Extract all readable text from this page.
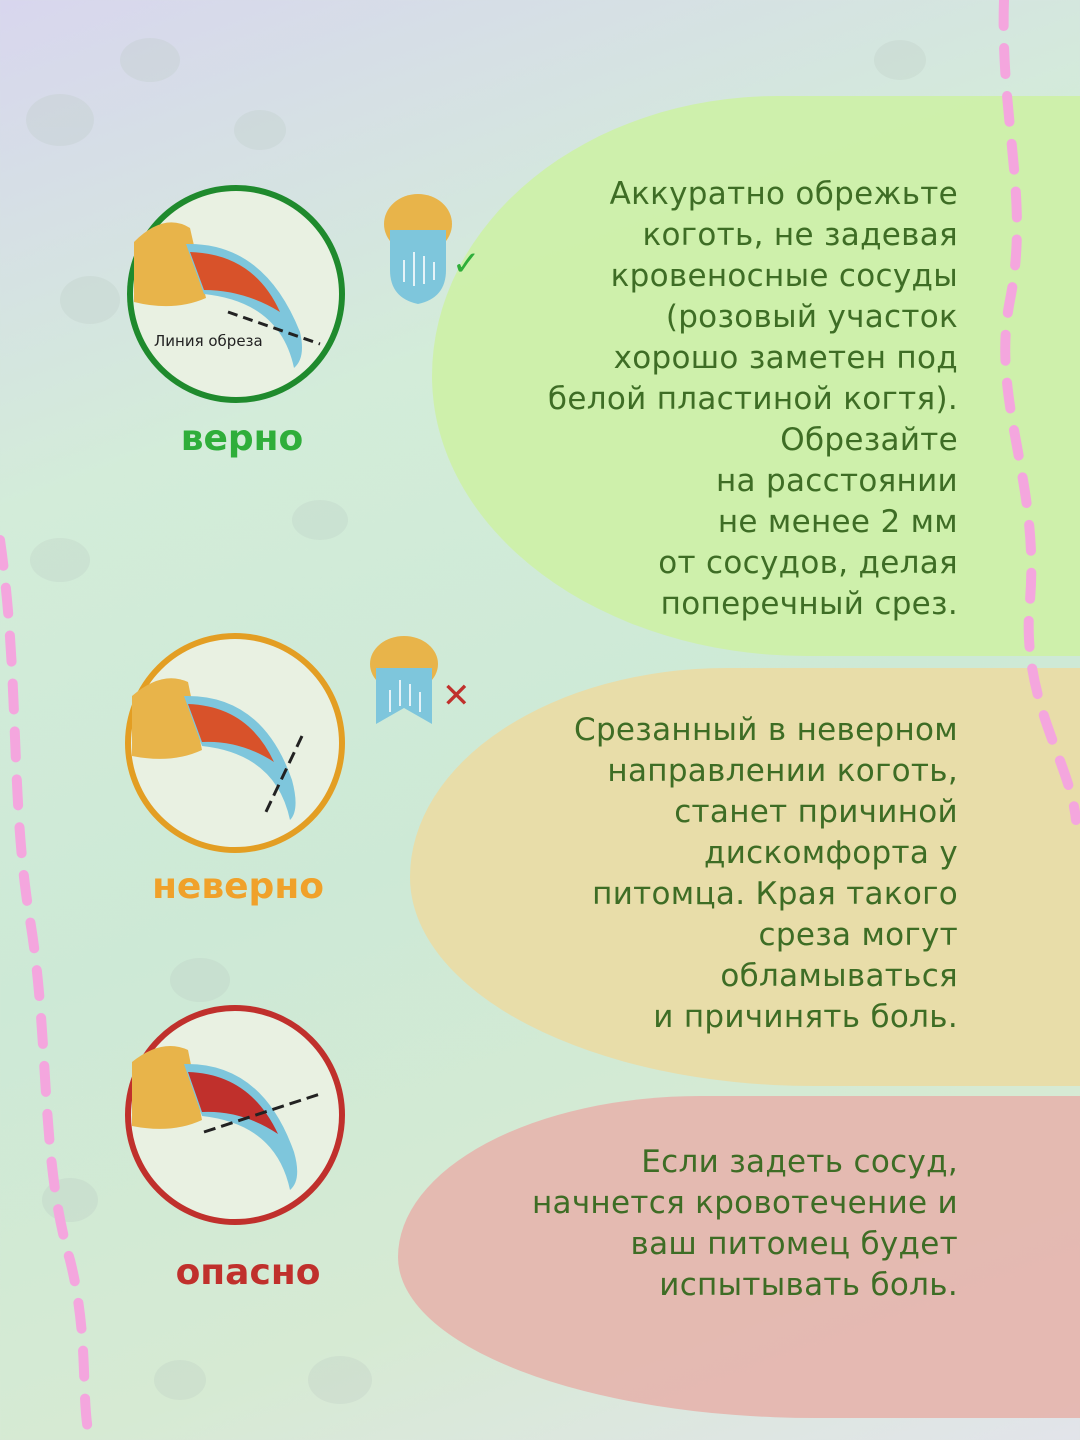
Линия обреза
верно
✓
Аккуратно обрежьте
коготь, не задевая
кровеносные сосуды
(розовый участок
хорошо заметен под
белой пластиной когтя).
Обрезайте
на расстоянии
не менее 2 мм
от сосудов, делая
поперечный срез.
неверно
✕
Срезанный в неверном
направлении коготь,
станет причиной
дискомфорта у
питомца. Края такого
среза могут
обламываться
и причинять боль.
опасно
Если задеть сосуд,
начнется кровотечение и
ваш питомец будет
испытывать боль.
